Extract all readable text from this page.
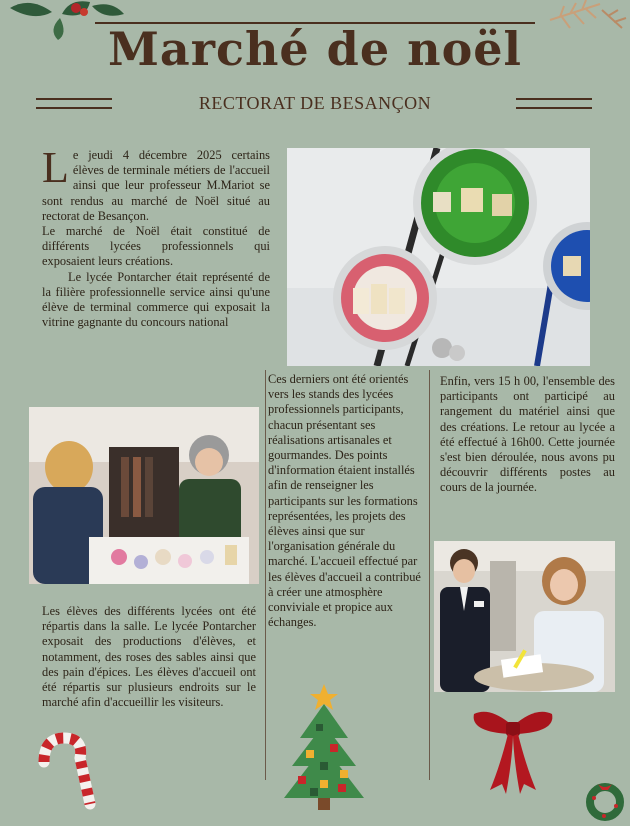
Marché de noël
RECTORAT DE BESANÇON
L e jeudi 4 décembre 2025 certains élèves de terminale métiers de l'accueil ainsi que leur professeur M.Mariot se sont rendus au marché de Noël situé au rectorat de Besançon.

Le marché de Noël était constitué de différents lycées professionnels qui exposaient leurs créations.

Le lycée Pontarcher était représenté de la filière professionnelle service ainsi qu'une élève de terminal commerce qui exposait la vitrine gagnante du concours national

Ces derniers ont été orientés vers les stands des lycées professionnels participants, chacun présentant ses réalisations artisanales et gourmandes. Des points d'information étaient installés afin de renseigner les participants sur les formations représentées, les projets des élèves ainsi que sur l'organisation générale du marché. L'accueil effectué par les élèves d'accueil a contribué à créer une atmosphère conviviale et propice aux échanges.

Enfin, vers 15 h 00, l'ensemble des participants ont participé au rangement du matériel ainsi que des créations. Le retour au lycée a été effectué à 16h00. Cette journée s'est bien déroulée, nous avons pu découvrir différents postes au cours de la journée.

Les élèves des différents lycées ont été répartis dans la salle. Le lycée Pontarcher exposait des productions d'élèves, et notamment, des roses des sables ainsi que des pain d'épices. Les élèves d'accueil ont été répartis sur plusieurs endroits sur le marché afin d'accueillir les visiteurs.
